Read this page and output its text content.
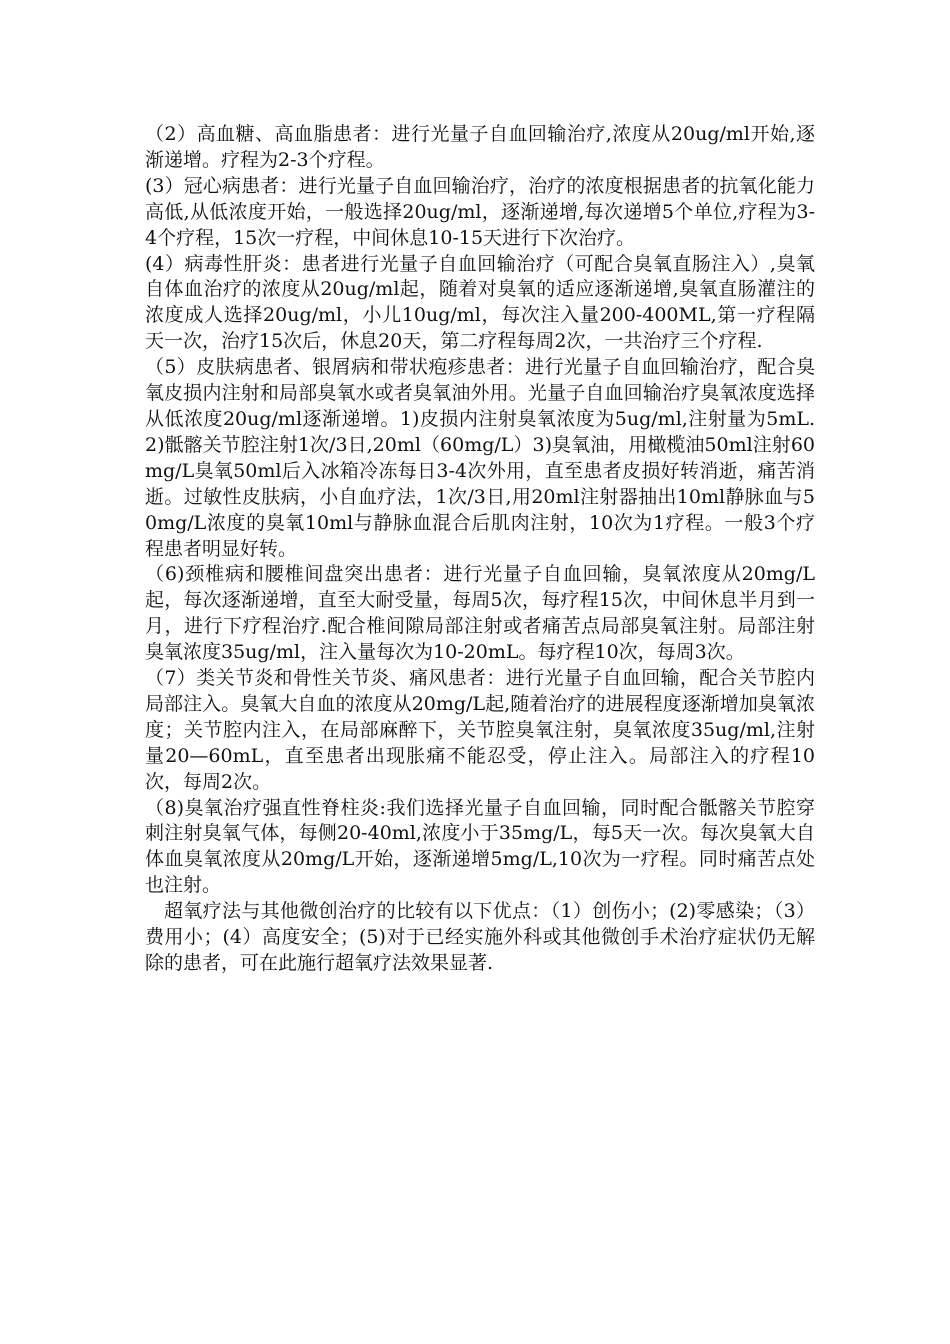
（2）高血糖、高血脂患者：进行光量子自血回输治疗,浓度从20ug/ml开始,逐渐递增。疗程为2-3个疗程。

(3）冠心病患者：进行光量子自血回输治疗，治疗的浓度根据患者的抗氧化能力高低,从低浓度开始，一般选择20ug/ml，逐渐递增,每次递增5个单位,疗程为3-4个疗程，15次一疗程，中间休息10-15天进行下次治疗。

(4）病毒性肝炎：患者进行光量子自血回输治疗（可配合臭氧直肠注入）,臭氧自体血治疗的浓度从20ug/ml起，随着对臭氧的适应逐渐递增,臭氧直肠灌注的浓度成人选择20ug/ml，小儿10ug/ml，每次注入量200-400ML,第一疗程隔天一次，治疗15次后，休息20天，第二疗程每周2次，一共治疗三个疗程.

（5）皮肤病患者、银屑病和带状疱疹患者：进行光量子自血回输治疗，配合臭氧皮损内注射和局部臭氧水或者臭氧油外用。光量子自血回输治疗臭氧浓度选择从低浓度20ug/ml逐渐递增。1)皮损内注射臭氧浓度为5ug/ml,注射量为5mL.2)骶髂关节腔注射1次/3日,20ml（60mg/L）3)臭氧油，用橄榄油50ml注射60mg/L臭氧50ml后入冰箱冷冻每日3-4次外用，直至患者皮损好转消逝，痛苦消逝。过敏性皮肤病，小自血疗法，1次/3日,用20ml注射器抽出10ml静脉血与50mg/L浓度的臭氧10ml与静脉血混合后肌肉注射，10次为1疗程。一般3个疗程患者明显好转。

（6)颈椎病和腰椎间盘突出患者：进行光量子自血回输，臭氧浓度从20mg/L起，每次逐渐递增，直至大耐受量，每周5次，每疗程15次，中间休息半月到一月，进行下疗程治疗.配合椎间隙局部注射或者痛苦点局部臭氧注射。局部注射臭氧浓度35ug/ml，注入量每次为10-20mL。每疗程10次，每周3次。

（7）类关节炎和骨性关节炎、痛风患者：进行光量子自血回输，配合关节腔内局部注入。臭氧大自血的浓度从20mg/L起,随着治疗的进展程度逐渐增加臭氧浓度；关节腔内注入，在局部麻醉下，关节腔臭氧注射，臭氧浓度35ug/ml,注射量20—60mL，直至患者出现胀痛不能忍受，停止注入。局部注入的疗程10次，每周2次。

（8)臭氧治疗强直性脊柱炎:我们选择光量子自血回输，同时配合骶髂关节腔穿刺注射臭氧气体，每侧20-40ml,浓度小于35mg/L，每5天一次。每次臭氧大自体血臭氧浓度从20mg/L开始，逐渐递增5mg/L,10次为一疗程。同时痛苦点处也注射。

超氧疗法与其他微创治疗的比较有以下优点：（1）创伤小；(2)零感染；（3）费用小；(4）高度安全；(5)对于已经实施外科或其他微创手术治疗症状仍无解除的患者，可在此施行超氧疗法效果显著.
